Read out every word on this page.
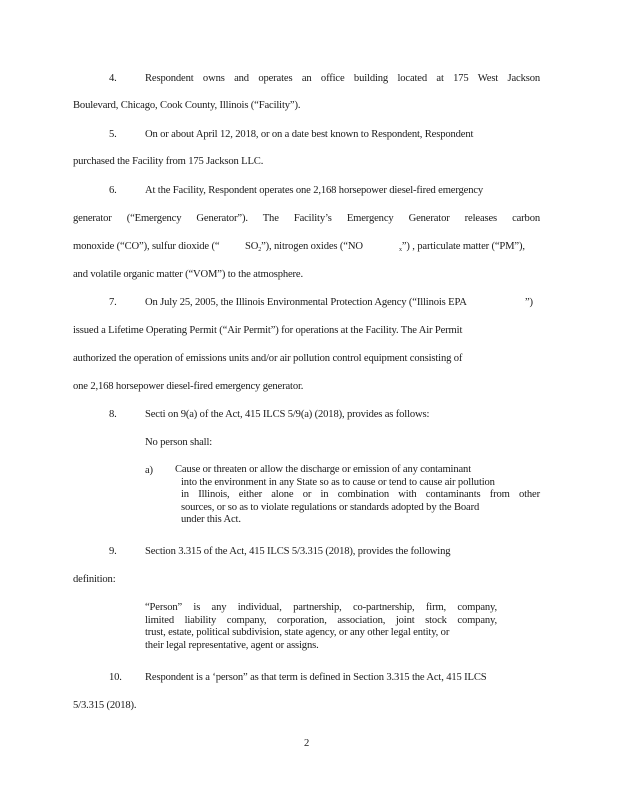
4.	Respondent owns and operates an office building located at 175 West Jackson
Boulevard, Chicago, Cook County, Illinois (“Facility”).
5.	On or about April 12, 2018, or on a date best known to Respondent, Respondent
purchased the Facility from 175 Jackson LLC.
6.	At the Facility, Respondent operates one 2,168 horsepower diesel-fired emergency
generator (“Emergency Generator”). The Facility’s Emergency Generator releases carbon
monoxide (“CO”), sulfur dioxide (“ $SO_2$”), nitrogen oxides (“NO	$_x$”) , particulate matter (“PM”),
and volatile organic matter (“VOM”) to the atmosphere.
7.	On July 25, 2005, the Illinois Environmental Protection Agency (“Illinois EPA	”)
issued a Lifetime Operating Permit (“Air Permit”) for operations at the Facility. The Air Permit
authorized the operation of emissions units and/or air pollution control equipment consisting of
one 2,168 horsepower diesel-fired emergency generator.
8.	Secti on 9(a) of the Act, 415 ILCS 5/9(a) (2018), provides as follows:
No person shall:
a) Cause or threaten or allow the discharge or emission of any contaminant
into the environment in any State so as to cause or tend to cause air pollution
in Illinois, either alone or in combination with contaminants from other
sources, or so as to violate regulations or standards adopted by the Board
under this Act.
9.	Section 3.315 of the Act, 415 ILCS 5/3.315 (2018), provides the following
definition:
“Person” is any individual, partnership, co-partnership, firm, company,
limited liability company, corporation, association, joint stock company,
trust, estate, political subdivision, state agency, or any other legal entity, or
their legal representative, agent or assigns.
10. Respondent is a ‘person” as that term is defined in Section 3.315 the Act, 415 ILCS
5/3.315 (2018).
2
